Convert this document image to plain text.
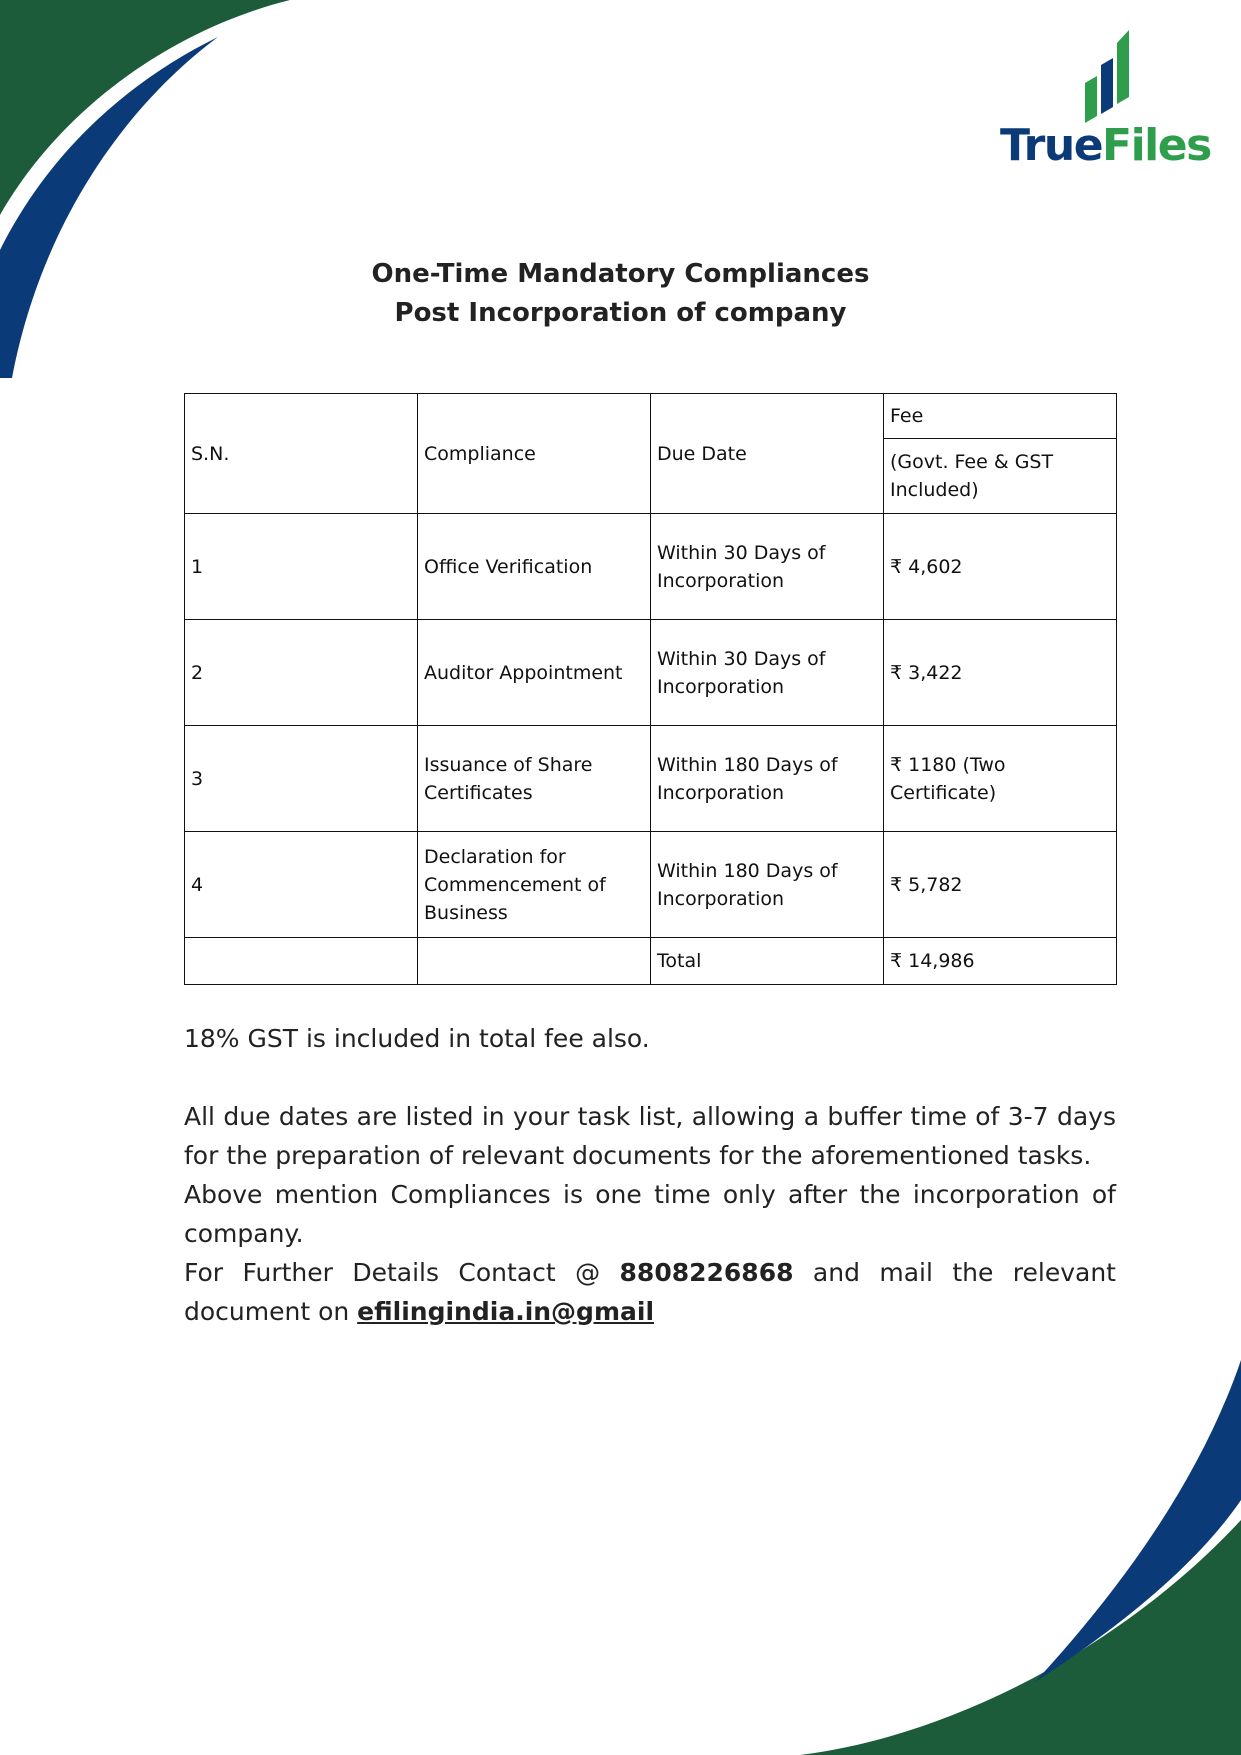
TrueFiles
One-Time Mandatory Compliances
Post Incorporation of company
S.N.	Compliance	Due Date	Fee
			(Govt. Fee & GST Included)
1	Office Verification	Within 30 Days of Incorporation	₹ 4,602
2	Auditor Appointment	Within 30 Days of Incorporation	₹ 3,422
3	Issuance of Share Certificates	Within 180 Days of Incorporation	₹ 1180 (Two Certificate)
4	Declaration for Commencement of Business	Within 180 Days of Incorporation	₹ 5,782
		Total	₹ 14,986
18% GST is included in total fee also.

All due dates are listed in your task list, allowing a buffer time of 3-7 days for the preparation of relevant documents for the aforementioned tasks.

Above mention Compliances is one time only after the incorporation of company.

For Further Details Contact @ 8808226868 and mail the relevant document on efilingindia.in@gmail
